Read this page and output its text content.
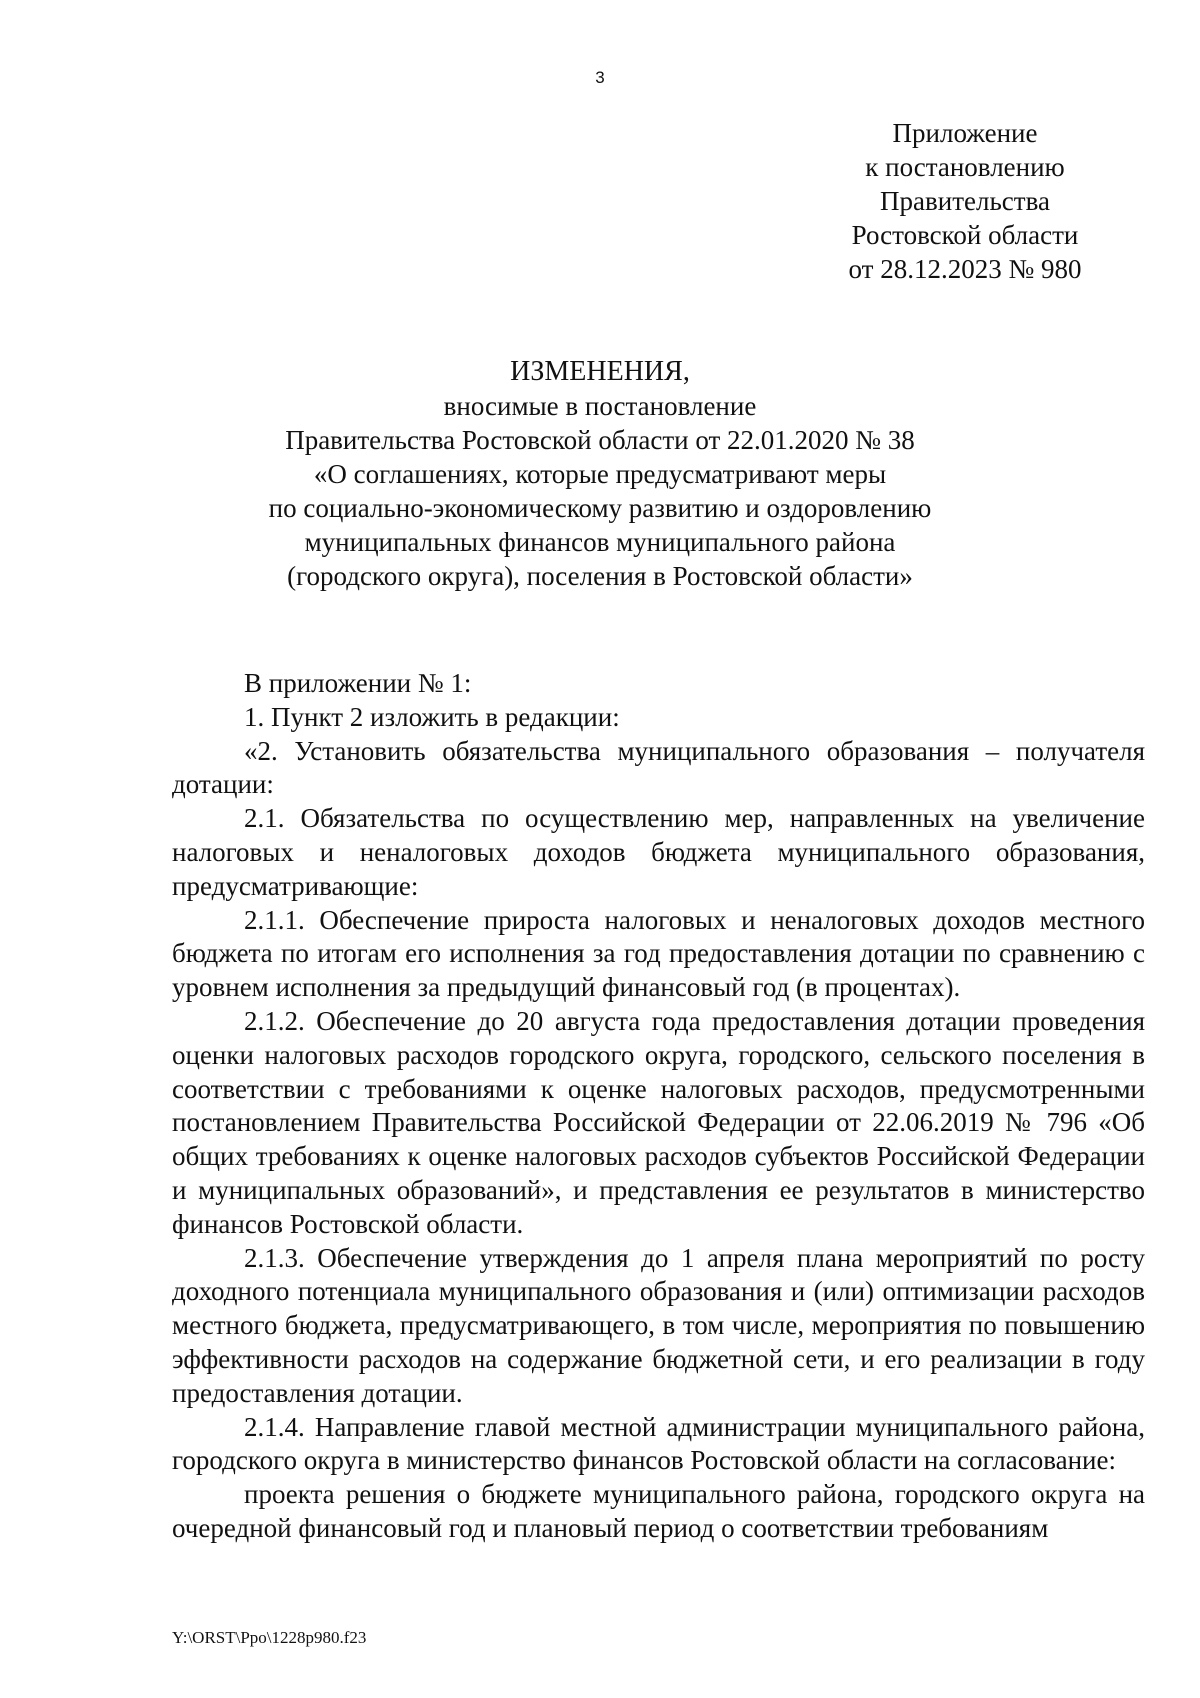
3
Приложение
к постановлению
Правительства
Ростовской области
от 28.12.2023 № 980
ИЗМЕНЕНИЯ,
вносимые в постановление
Правительства Ростовской области от 22.01.2020 № 38
«О соглашениях, которые предусматривают меры
по социально-экономическому развитию и оздоровлению
муниципальных финансов муниципального района
(городского округа), поселения в Ростовской области»

В приложении № 1:

1. Пункт 2 изложить в редакции:

«2. Установить обязательства муниципального образования – получателя дотации:

2.1. Обязательства по осуществлению мер, направленных на увеличение налоговых и неналоговых доходов бюджета муниципального образования, предусматривающие:

2.1.1. Обеспечение прироста налоговых и неналоговых доходов местного бюджета по итогам его исполнения за год предоставления дотации по сравнению с уровнем исполнения за предыдущий финансовый год (в процентах).

2.1.2. Обеспечение до 20 августа года предоставления дотации проведения оценки налоговых расходов городского округа, городского, сельского поселения в соответствии с требованиями к оценке налоговых расходов, предусмотренными постановлением Правительства Российской Федерации от 22.06.2019 № 796 «Об общих требованиях к оценке налоговых расходов субъектов Российской Федерации и муниципальных образований», и представления ее результатов в министерство финансов Ростовской области.

2.1.3. Обеспечение утверждения до 1 апреля плана мероприятий по росту доходного потенциала муниципального образования и (или) оптимизации расходов местного бюджета, предусматривающего, в том числе, мероприятия по повышению эффективности расходов на содержание бюджетной сети, и его реализации в году предоставления дотации.

2.1.4. Направление главой местной администрации муниципального района, городского округа в министерство финансов Ростовской области на согласование:

проекта решения о бюджете муниципального района, городского округа на очередной финансовый год и плановый период о соответствии требованиям

Y:\ORST\Ppo\1228p980.f23
